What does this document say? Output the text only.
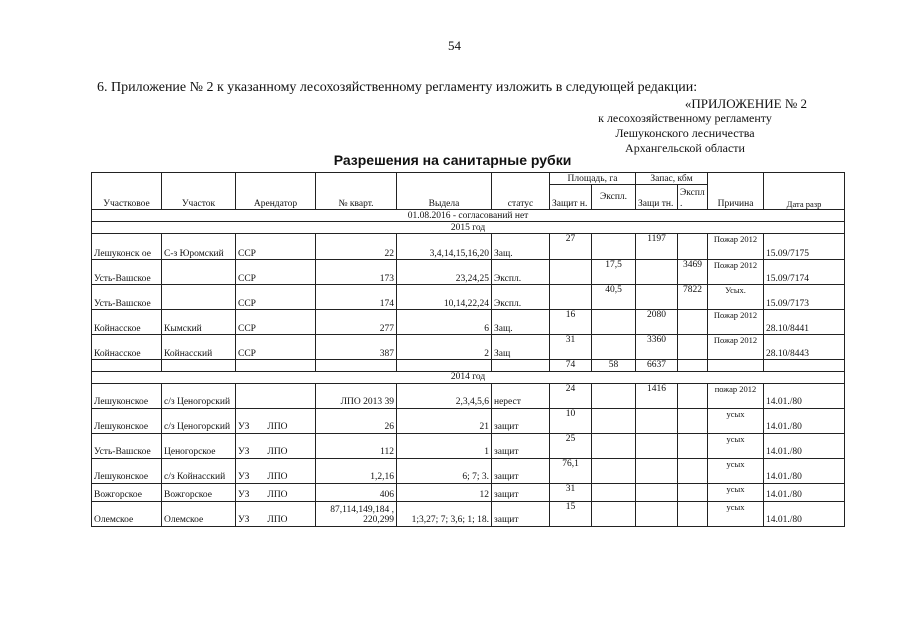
54
6. Приложение № 2 к указанному лесохозяйственному регламенту изложить в следующей редакции:
«ПРИЛОЖЕНИЕ № 2
к лесохозяйственному регламенту
Лешуконского лесничества
Архангельской области
Разрешения на санитарные рубки
Участковое	Участок	Арендатор	№ кварт.	Выдела	статус	Площадь, га		Запас, кбм		Причина	Дата разр
						Защит н.	Экспл.	Защи тн.	Экспл .		
01.08.2016 - согласований нет											
2015 год											
Лешуконск ое	С-з Юромский	ССР	22	3,4,14,15,16,20	Защ.	27		1197		Пожар 2012	15.09/7175
Усть-Вашское		ССР	173	23,24,25	Экспл.		17,5		3469	Пожар 2012	15.09/7174
Усть-Вашское		ССР	174	10,14,22,24	Экспл.		40,5		7822	Усых.	15.09/7173
Койнасское	Кымский	ССР	277	6	Защ.	16		2080		Пожар 2012	28.10/8441
Койнасское	Койнасский	ССР	387	2	Защ	31		3360		Пожар 2012	28.10/8443
						74	58	6637			
2014 год											
Лешуконское	с/з Ценогорский		ЛПО 2013 39	2,3,4,5,6	нерест	24		1416		пожар 2012	14.01./80
Лешуконское	с/з Ценогорский	УЗ ЛПО	26	21	защит	10				усых	14.01./80
Усть-Вашское	Ценогорское	УЗ ЛПО	112	1	защит	25				усых	14.01./80
Лешуконское	с/з Койнасский	УЗ ЛПО	1,2,16	6; 7; 3.	защит	76,1				усых	14.01./80
Вожгорское	Вожгорское	УЗ ЛПО	406	12	защит	31				усых	14.01./80
Олемское	Олемское	УЗ ЛПО	87,114,149,184 , 220,299	1;3,27; 7; 3,6; 1; 18.	защит	15				усых	14.01./80
